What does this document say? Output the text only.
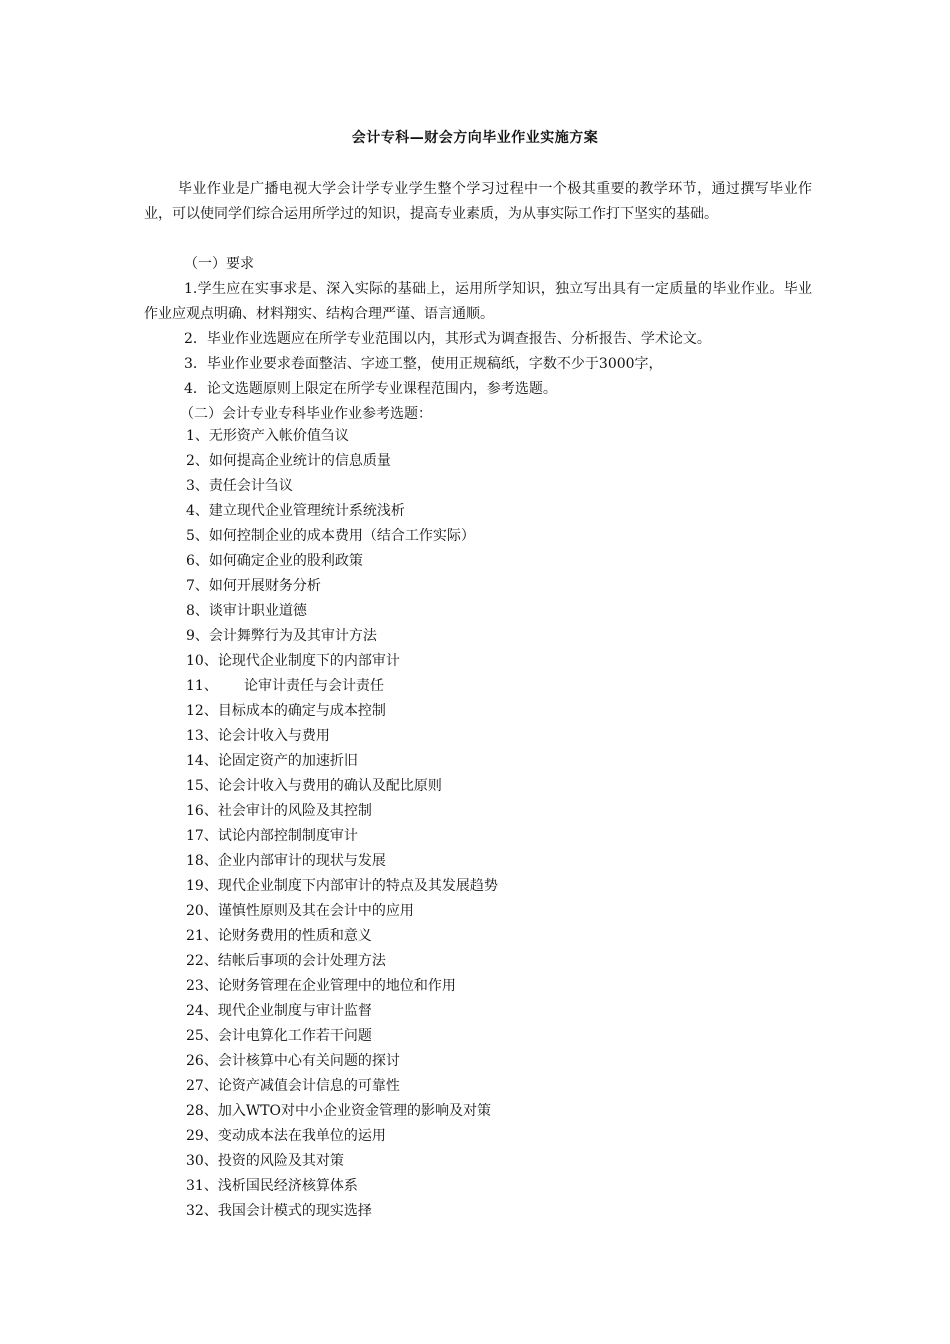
会计专科—财会方向毕业作业实施方案

毕业作业是广播电视大学会计学专业学生整个学习过程中一个极其重要的教学环节，通过撰写毕业作业，可以使同学们综合运用所学过的知识，提高专业素质，为从事实际工作打下坚实的基础。

（一）要求

1.学生应在实事求是、深入实际的基础上，运用所学知识，独立写出具有一定质量的毕业作业。毕业作业应观点明确、材料翔实、结构合理严谨、语言通顺。

2．毕业作业选题应在所学专业范围以内，其形式为调查报告、分析报告、学术论文。

3．毕业作业要求卷面整洁、字迹工整，使用正规稿纸，字数不少于3000字，

4．论文选题原则上限定在所学专业课程范围内，参考选题。

（二）会计专业专科毕业作业参考选题：

1、无形资产入帐价值刍议
2、如何提高企业统计的信息质量
3、责任会计刍议
4、建立现代企业管理统计系统浅析
5、如何控制企业的成本费用（结合工作实际）
6、如何确定企业的股利政策
7、如何开展财务分析
8、谈审计职业道德
9、会计舞弊行为及其审计方法
10、论现代企业制度下的内部审计
11、 论审计责任与会计责任
12、目标成本的确定与成本控制
13、论会计收入与费用
14、论固定资产的加速折旧
15、论会计收入与费用的确认及配比原则
16、社会审计的风险及其控制
17、试论内部控制制度审计
18、企业内部审计的现状与发展
19、现代企业制度下内部审计的特点及其发展趋势
20、谨慎性原则及其在会计中的应用
21、论财务费用的性质和意义
22、结帐后事项的会计处理方法
23、论财务管理在企业管理中的地位和作用
24、现代企业制度与审计监督
25、会计电算化工作若干问题
26、会计核算中心有关问题的探讨
27、论资产减值会计信息的可靠性
28、加入WTO对中小企业资金管理的影响及对策
29、变动成本法在我单位的运用
30、投资的风险及其对策
31、浅析国民经济核算体系
32、我国会计模式的现实选择
